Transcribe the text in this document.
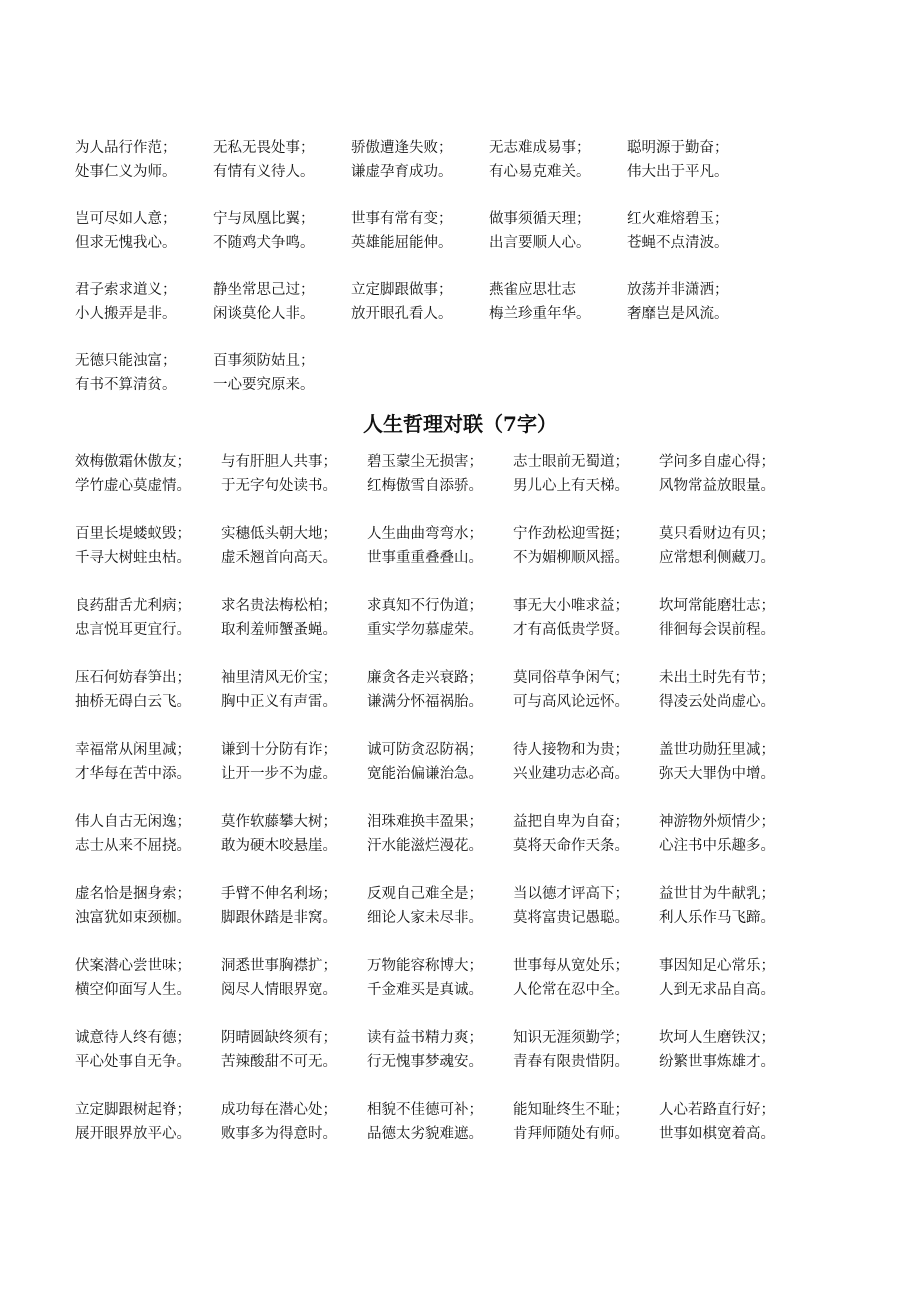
为人品行作范；
处事仁义为师。
无私无畏处事；
有情有义待人。
骄傲遭逢失败；
谦虚孕育成功。
无志难成易事；
有心易克难关。
聪明源于勤奋；
伟大出于平凡。
岂可尽如人意；
但求无愧我心。
宁与凤凰比翼；
不随鸡犬争鸣。
世事有常有变；
英雄能屈能伸。
做事须循天理；
出言要顺人心。
红火难熔碧玉；
苍蝇不点清波。
君子索求道义；
小人搬弄是非。
静坐常思己过；
闲谈莫伦人非。
立定脚跟做事；
放开眼孔看人。
燕雀应思壮志
梅兰珍重年华。
放荡并非潇洒；
奢靡岂是风流。
无德只能浊富；
有书不算清贫。
百事须防姑且；
一心要究原来。
人生哲理对联（7字）
效梅傲霜休傲友；
学竹虚心莫虚情。
与有肝胆人共事；
于无字句处读书。
碧玉蒙尘无损害；
红梅傲雪自添骄。
志士眼前无蜀道；
男儿心上有天梯。
学问多自虚心得；
风物常益放眼量。
百里长堤蝼蚁毁；
千寻大树蛀虫枯。
实穗低头朝大地；
虚禾翘首向高天。
人生曲曲弯弯水；
世事重重叠叠山。
宁作劲松迎雪挺；
不为媚柳顺风摇。
莫只看财边有贝；
应常想利侧藏刀。
良药甜舌尤利病；
忠言悦耳更宜行。
求名贵法梅松柏；
取利羞师蟹蚤蝇。
求真知不行伪道；
重实学勿慕虚荣。
事无大小唯求益；
才有高低贵学贤。
坎坷常能磨壮志；
徘徊每会误前程。
压石何妨春笋出；
抽桥无碍白云飞。
袖里清风无价宝；
胸中正义有声雷。
廉贪各走兴衰路；
谦满分怀福祸胎。
莫同俗草争闲气；
可与高风论远怀。
未出土时先有节；
得凌云处尚虚心。
幸福常从闲里减；
才华每在苦中添。
谦到十分防有诈；
让开一步不为虚。
诚可防贪忍防祸；
宽能治偏谦治急。
待人接物和为贵；
兴业建功志必高。
盖世功勋狂里减；
弥天大罪伪中增。
伟人自古无闲逸；
志士从来不屈挠。
莫作软藤攀大树；
敢为硬木咬悬崖。
泪珠难换丰盈果；
汗水能滋烂漫花。
益把自卑为自奋；
莫将天命作天条。
神游物外烦情少；
心注书中乐趣多。
虚名恰是捆身索；
浊富犹如束颈枷。
手臂不伸名利场；
脚跟休踏是非窝。
反观自己难全是；
细论人家未尽非。
当以德才评高下；
莫将富贵记愚聪。
益世甘为牛献乳；
利人乐作马飞蹄。
伏案潜心尝世味；
横空仰面写人生。
洞悉世事胸襟扩；
阅尽人情眼界宽。
万物能容称博大；
千金难买是真诚。
世事每从宽处乐；
人伦常在忍中全。
事因知足心常乐；
人到无求品自高。
诚意待人终有德；
平心处事自无争。
阴晴圆缺终须有；
苦辣酸甜不可无。
读有益书精力爽；
行无愧事梦魂安。
知识无涯须勤学；
青春有限贵惜阴。
坎坷人生磨铁汉；
纷繁世事炼雄才。
立定脚跟树起脊；
展开眼界放平心。
成功每在潜心处；
败事多为得意时。
相貌不佳德可补；
品德太劣貌难遮。
能知耻终生不耻；
肯拜师随处有师。
人心若路直行好；
世事如棋宽着高。
